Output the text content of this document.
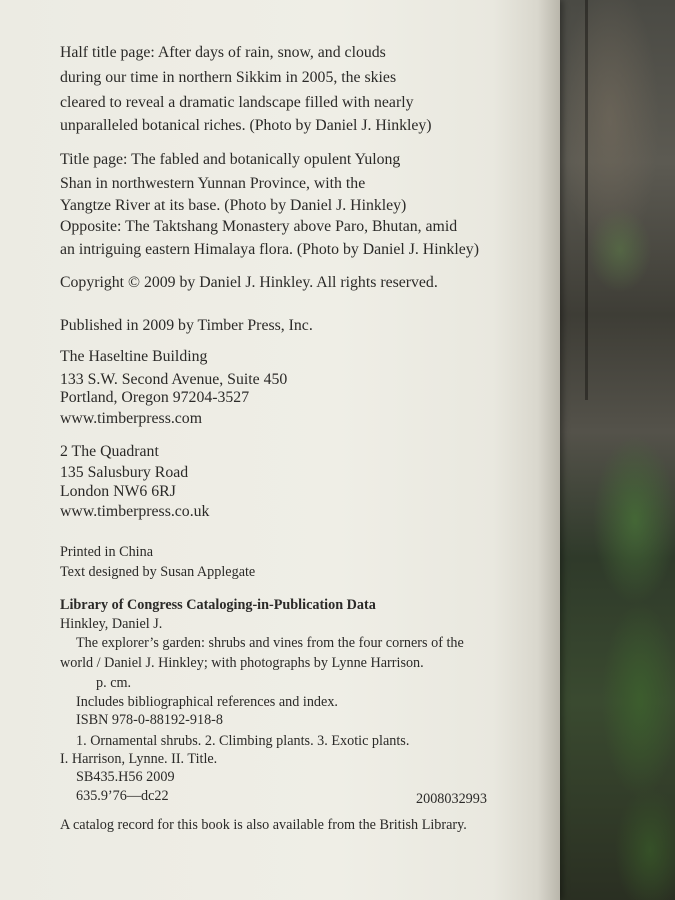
Half title page: After days of rain, snow, and clouds
during our time in northern Sikkim in 2005, the skies
cleared to reveal a dramatic landscape filled with nearly
unparalleled botanical riches. (Photo by Daniel J. Hinkley)
Title page: The fabled and botanically opulent Yulong
Shan in northwestern Yunnan Province, with the
Yangtze River at its base. (Photo by Daniel J. Hinkley)
Opposite: The Taktshang Monastery above Paro, Bhutan, amid
an intriguing eastern Himalaya flora. (Photo by Daniel J. Hinkley)
Copyright © 2009 by Daniel J. Hinkley. All rights reserved.
Published in 2009 by Timber Press, Inc.
The Haseltine Building
133 S.W. Second Avenue, Suite 450
Portland, Oregon 97204-3527
www.timberpress.com
2 The Quadrant
135 Salusbury Road
London NW6 6RJ
www.timberpress.co.uk
Printed in China
Text designed by Susan Applegate
Library of Congress Cataloging-in-Publication Data
Hinkley, Daniel J.
The explorer’s garden: shrubs and vines from the four corners of the
world / Daniel J. Hinkley; with photographs by Lynne Harrison.
p. cm.
Includes bibliographical references and index.
ISBN 978-0-88192-918-8
1. Ornamental shrubs. 2. Climbing plants. 3. Exotic plants.
I. Harrison, Lynne. II. Title.
SB435.H56 2009
635.9’76—dc22	2008032993
A catalog record for this book is also available from the British Library.
